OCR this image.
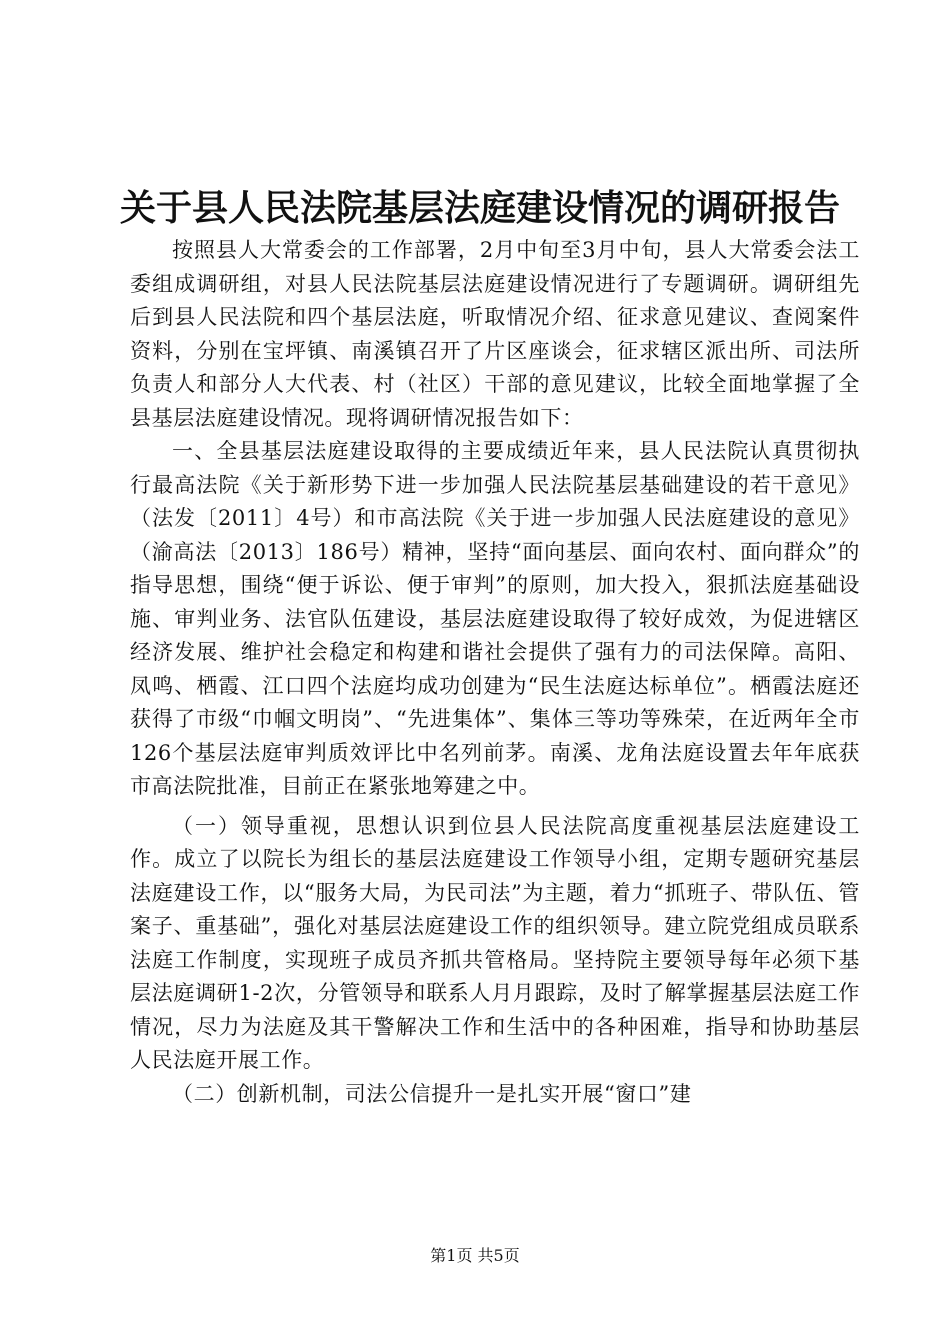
关于县人民法院基层法庭建设情况的调研报告

按照县人大常委会的工作部署，2月中旬至3月中旬，县人大常委会法工委组成调研组，对县人民法院基层法庭建设情况进行了专题调研。调研组先后到县人民法院和四个基层法庭，听取情况介绍、征求意见建议、查阅案件资料，分别在宝坪镇、南溪镇召开了片区座谈会，征求辖区派出所、司法所负责人和部分人大代表、村（社区）干部的意见建议，比较全面地掌握了全县基层法庭建设情况。现将调研情况报告如下：

一、全县基层法庭建设取得的主要成绩近年来，县人民法院认真贯彻执行最高法院《关于新形势下进一步加强人民法院基层基础建设的若干意见》（法发〔2011〕4号）和市高法院《关于进一步加强人民法庭建设的意见》（渝高法〔2013〕186号）精神，坚持“面向基层、面向农村、面向群众”的指导思想，围绕“便于诉讼、便于审判”的原则，加大投入，狠抓法庭基础设施、审判业务、法官队伍建设，基层法庭建设取得了较好成效，为促进辖区经济发展、维护社会稳定和构建和谐社会提供了强有力的司法保障。高阳、凤鸣、栖霞、江口四个法庭均成功创建为“民生法庭达标单位”。栖霞法庭还获得了市级“巾帼文明岗”、“先进集体”、集体三等功等殊荣，在近两年全市126个基层法庭审判质效评比中名列前茅。南溪、龙角法庭设置去年年底获市高法院批准，目前正在紧张地筹建之中。

（一）领导重视，思想认识到位县人民法院高度重视基层法庭建设工作。成立了以院长为组长的基层法庭建设工作领导小组，定期专题研究基层法庭建设工作，以“服务大局，为民司法”为主题，着力“抓班子、带队伍、管案子、重基础”，强化对基层法庭建设工作的组织领导。建立院党组成员联系法庭工作制度，实现班子成员齐抓共管格局。坚持院主要领导每年必须下基层法庭调研1-2次，分管领导和联系人月月跟踪，及时了解掌握基层法庭工作情况，尽力为法庭及其干警解决工作和生活中的各种困难，指导和协助基层人民法庭开展工作。

（二）创新机制，司法公信提升一是扎实开展“窗口”建

第1页 共5页
